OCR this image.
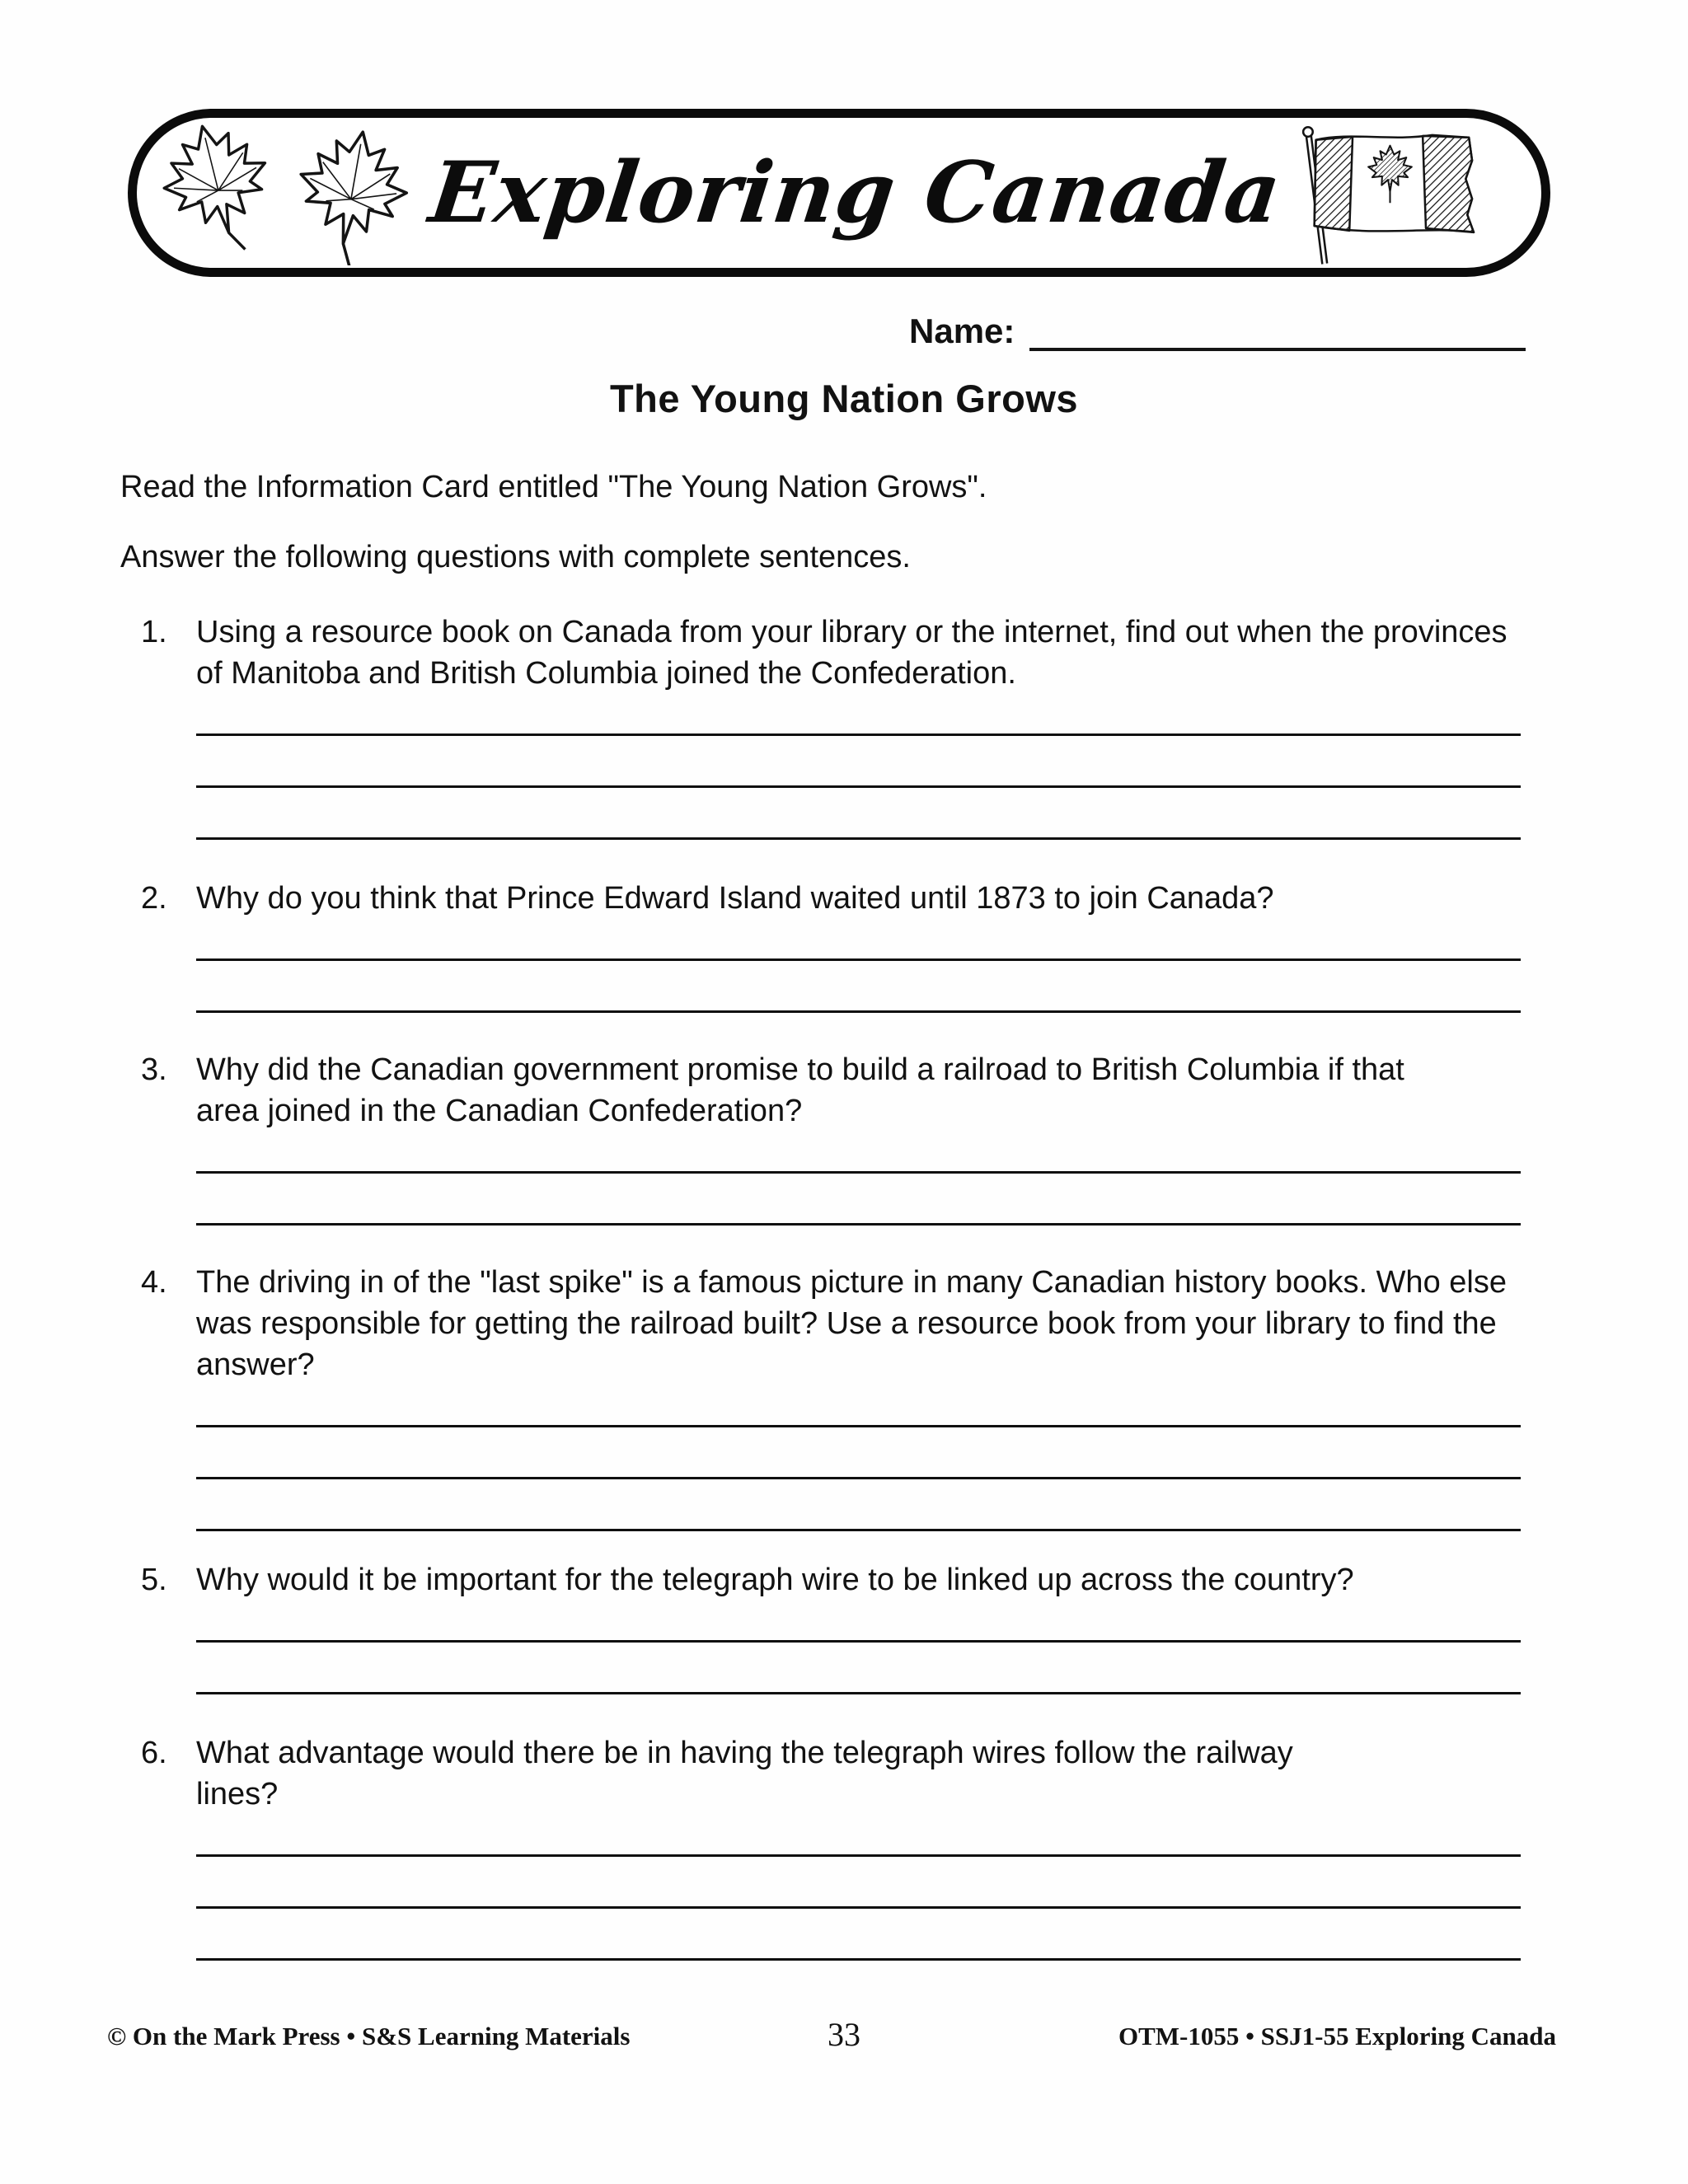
Exploring Canada
Name:
The Young Nation Grows
Read the Information Card entitled "The Young Nation Grows".
Answer the following questions with complete sentences.
1. Using a resource book on Canada from your library or the internet, find out when the provinces of Manitoba and British Columbia joined the Confederation.

2. Why do you think that Prince Edward Island waited until 1873 to join Canada?

3. Why did the Canadian government promise to build a railroad to British Columbia if that area joined in the Canadian Confederation?

4. The driving in of the "last spike" is a famous picture in many Canadian history books. Who else was responsible for getting the railroad built? Use a resource book from your library to find the answer?

5. Why would it be important for the telegraph wire to be linked up across the country?

6. What advantage would there be in having the telegraph wires follow the railway lines?

33
© On the Mark Press • S&S Learning Materials	OTM-1055 • SSJ1-55 Exploring Canada
